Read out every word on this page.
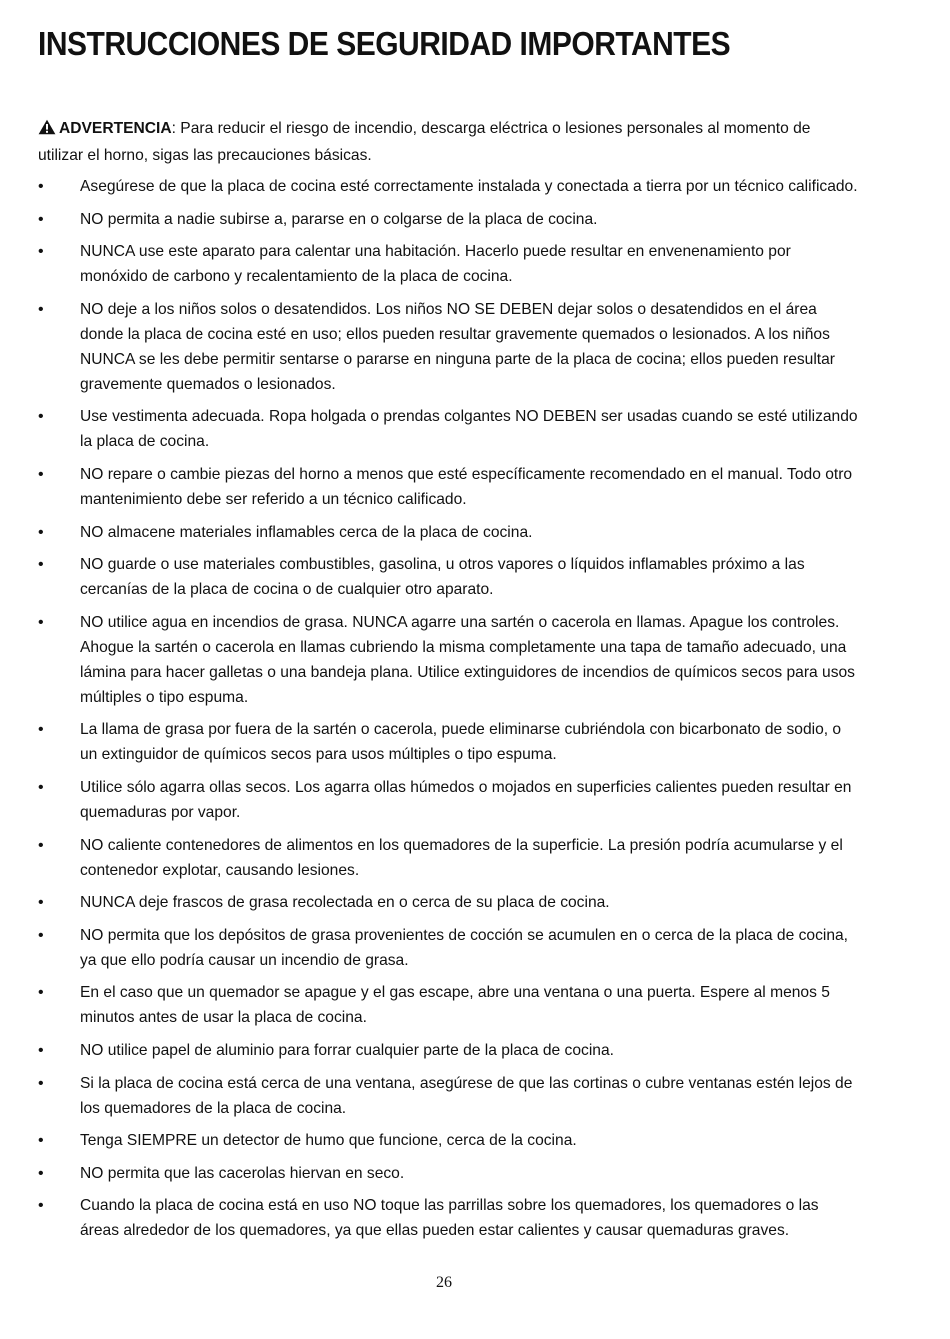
INSTRUCCIONES DE SEGURIDAD IMPORTANTES

ADVERTENCIA: Para reducir el riesgo de incendio, descarga eléctrica o lesiones personales al momento de utilizar el horno, sigas las precauciones básicas.

• Asegúrese de que la placa de cocina esté correctamente instalada y conectada a tierra por un técnico calificado.
• NO permita a nadie subirse a, pararse en o colgarse de la placa de cocina.
• NUNCA use este aparato para calentar una habitación. Hacerlo puede resultar en envenenamiento por monóxido de carbono y recalentamiento de la placa de cocina.
• NO deje a los niños solos o desatendidos. Los niños NO SE DEBEN dejar solos o desatendidos en el área donde la placa de cocina esté en uso; ellos pueden resultar gravemente quemados o lesionados. A los niños NUNCA se les debe permitir sentarse o pararse en ninguna parte de la placa de cocina; ellos pueden resultar gravemente quemados o lesionados.
• Use vestimenta adecuada. Ropa holgada o prendas colgantes NO DEBEN ser usadas cuando se esté utilizando la placa de cocina.
• NO repare o cambie piezas del horno a menos que esté específicamente recomendado en el manual. Todo otro mantenimiento debe ser referido a un técnico calificado.
• NO almacene materiales inflamables cerca de la placa de cocina.
• NO guarde o use materiales combustibles, gasolina, u otros vapores o líquidos inflamables próximo a las cercanías de la placa de cocina o de cualquier otro aparato.
• NO utilice agua en incendios de grasa. NUNCA agarre una sartén o cacerola en llamas. Apague los controles. Ahogue la sartén o cacerola en llamas cubriendo la misma completamente una tapa de tamaño adecuado, una lámina para hacer galletas o una bandeja plana. Utilice extinguidores de incendios de químicos secos para usos múltiples o tipo espuma.
• La llama de grasa por fuera de la sartén o cacerola, puede eliminarse cubriéndola con bicarbonato de sodio, o un extinguidor de químicos secos para usos múltiples o tipo espuma.
• Utilice sólo agarra ollas secos. Los agarra ollas húmedos o mojados en superficies calientes pueden resultar en quemaduras por vapor.
• NO caliente contenedores de alimentos en los quemadores de la superficie. La presión podría acumularse y el contenedor explotar, causando lesiones.
• NUNCA deje frascos de grasa recolectada en o cerca de su placa de cocina.
• NO permita que los depósitos de grasa provenientes de cocción se acumulen en o cerca de la placa de cocina, ya que ello podría causar un incendio de grasa.
• En el caso que un quemador se apague y el gas escape, abre una ventana o una puerta. Espere al menos 5 minutos antes de usar la placa de cocina.
• NO utilice papel de aluminio para forrar cualquier parte de la placa de cocina.
• Si la placa de cocina está cerca de una ventana, asegúrese de que las cortinas o cubre ventanas estén lejos de los quemadores de la placa de cocina.
• Tenga SIEMPRE un detector de humo que funcione, cerca de la cocina.
• NO permita que las cacerolas hiervan en seco.
• Cuando la placa de cocina está en uso NO toque las parrillas sobre los quemadores, los quemadores o las áreas alrededor de los quemadores, ya que ellas pueden estar calientes y causar quemaduras graves.
26
